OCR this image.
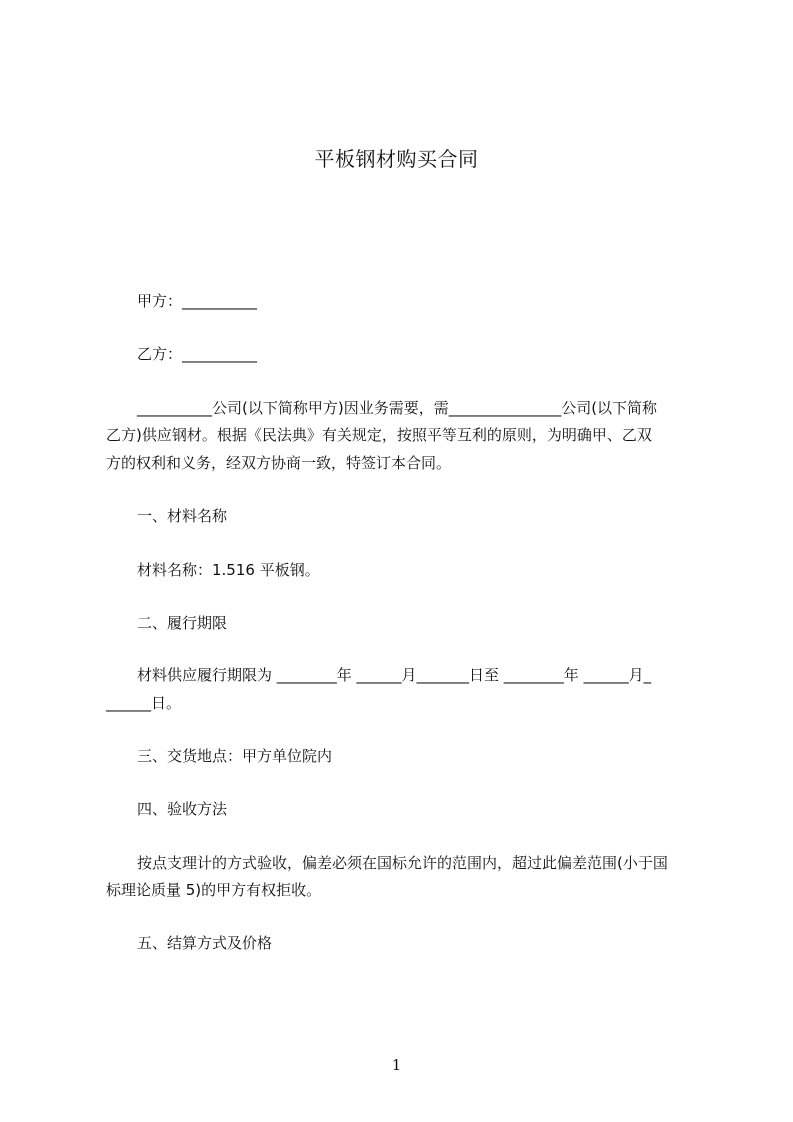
平板钢材购买合同
甲方：__________
乙方：__________
__________公司(以下简称甲方)因业务需要，需_______________公司(以下简称
乙方)供应钢材。根据《民法典》有关规定，按照平等互利的原则，为明确甲、乙双
方的权利和义务，经双方协商一致，特签订本合同。
一、材料名称
材料名称：1.516 平板钢。
二、履行期限
材料供应履行期限为 ________年 ______月_______日至 ________年 ______月_
______日。
三、交货地点：甲方单位院内
四、验收方法
按点支理计的方式验收，偏差必须在国标允许的范围内，超过此偏差范围(小于国
标理论质量 5)的甲方有权拒收。
五、结算方式及价格
1
